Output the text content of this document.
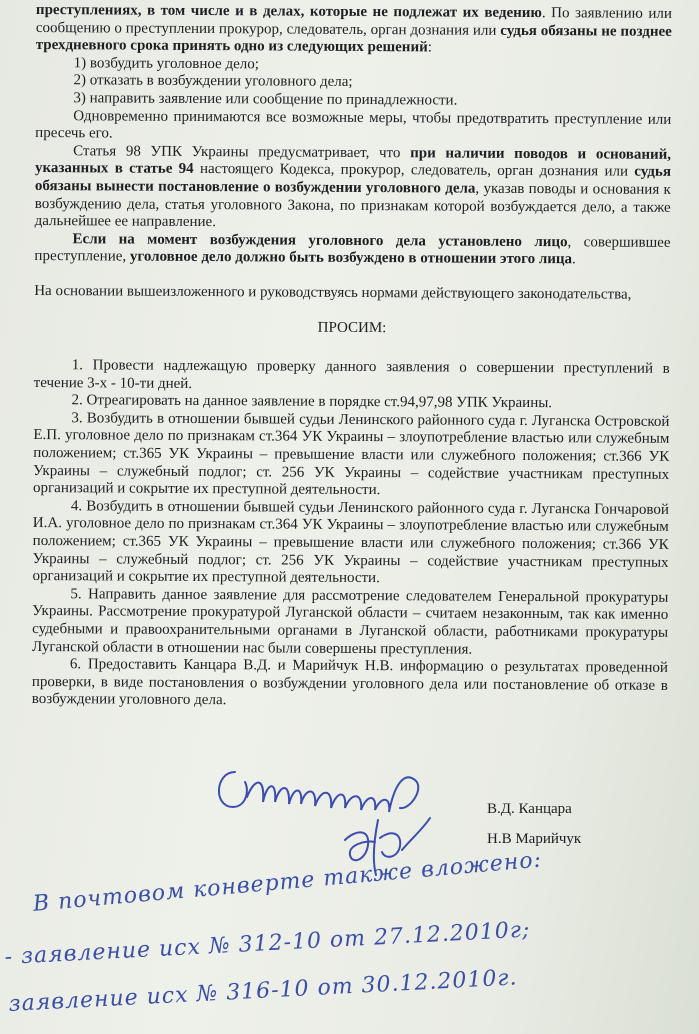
преступлениях, в том числе и в делах, которые не подлежат их ведению. По заявлению или сообщению о преступлении прокурор, следователь, орган дознания или судья обязаны не позднее трехдневного срока принять одно из следующих решений:

1) возбудить уголовное дело;

2) отказать в возбуждении уголовного дела;

3) направить заявление или сообщение по принадлежности.

Одновременно принимаются все возможные меры, чтобы предотвратить преступление или пресечь его.

Статья 98 УПК Украины предусматривает, что при наличии поводов и оснований, указанных в статье 94 настоящего Кодекса, прокурор, следователь, орган дознания или судья обязаны вынести постановление о возбуждении уголовного дела, указав поводы и основания к возбуждению дела, статья уголовного Закона, по признакам которой возбуждается дело, а также дальнейшее ее направление.

Если на момент возбуждения уголовного дела установлено лицо, совершившее преступление, уголовное дело должно быть возбуждено в отношении этого лица.

На основании вышеизложенного и руководствуясь нормами действующего законодательства,

ПРОСИМ:

1. Провести надлежащую проверку данного заявления о совершении преступлений в течение 3-х - 10-ти дней.

2. Отреагировать на данное заявление в порядке ст.94,97,98 УПК Украины.

3. Возбудить в отношении бывшей судьи Ленинского районного суда г. Луганска Островской Е.П. уголовное дело по признакам ст.364 УК Украины – злоупотребление властью или служебным положением; ст.365 УК Украины – превышение власти или служебного положения; ст.366 УК Украины – служебный подлог; ст. 256 УК Украины – содействие участникам преступных организаций и сокрытие их преступной деятельности.

4. Возбудить в отношении бывшей судьи Ленинского районного суда г. Луганска Гончаровой И.А. уголовное дело по признакам ст.364 УК Украины – злоупотребление властью или служебным положением; ст.365 УК Украины – превышение власти или служебного положения; ст.366 УК Украины – служебный подлог; ст. 256 УК Украины – содействие участникам преступных организаций и сокрытие их преступной деятельности.

5. Направить данное заявление для рассмотрение следователем Генеральной прокуратуры Украины. Рассмотрение прокуратурой Луганской области – считаем незаконным, так как именно судебными и правоохранительными органами в Луганской области, работниками прокуратуры Луганской области в отношении нас были совершены преступления.

6. Предоставить Канцара В.Д. и Марийчук Н.В. информацию о результатах проведенной проверки, в виде постановления о возбуждении уголовного дела или постановление об отказе в возбуждении уголовного дела.

В.Д. Канцара
Н.В Марийчук
В почтовом конверте также вложено:
- заявление исх № 312-10 от 27.12.2010г;
заявление исх № 316-10 от 30.12.2010г.
